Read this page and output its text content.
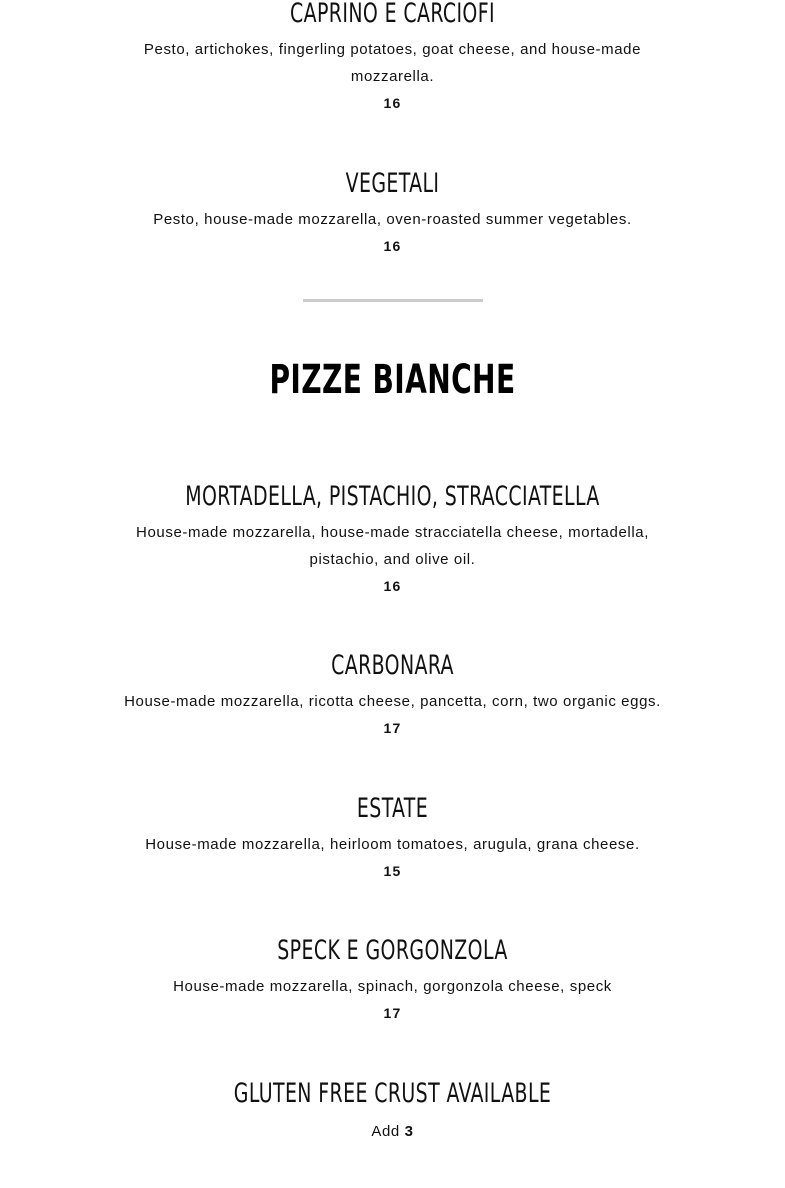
CAPRINO E CARCIOFI
Pesto, artichokes, fingerling potatoes, goat cheese, and house-made mozzarella.
16
VEGETALI
Pesto, house-made mozzarella, oven-roasted summer vegetables.
16
PIZZE BIANCHE
MORTADELLA, PISTACHIO, STRACCIATELLA
House-made mozzarella, house-made stracciatella cheese, mortadella, pistachio, and olive oil.
16
CARBONARA
House-made mozzarella, ricotta cheese, pancetta, corn, two organic eggs.
17
ESTATE
House-made mozzarella, heirloom tomatoes, arugula, grana cheese.
15
SPECK E GORGONZOLA
House-made mozzarella, spinach, gorgonzola cheese, speck
17
GLUTEN FREE CRUST AVAILABLE
Add 3
